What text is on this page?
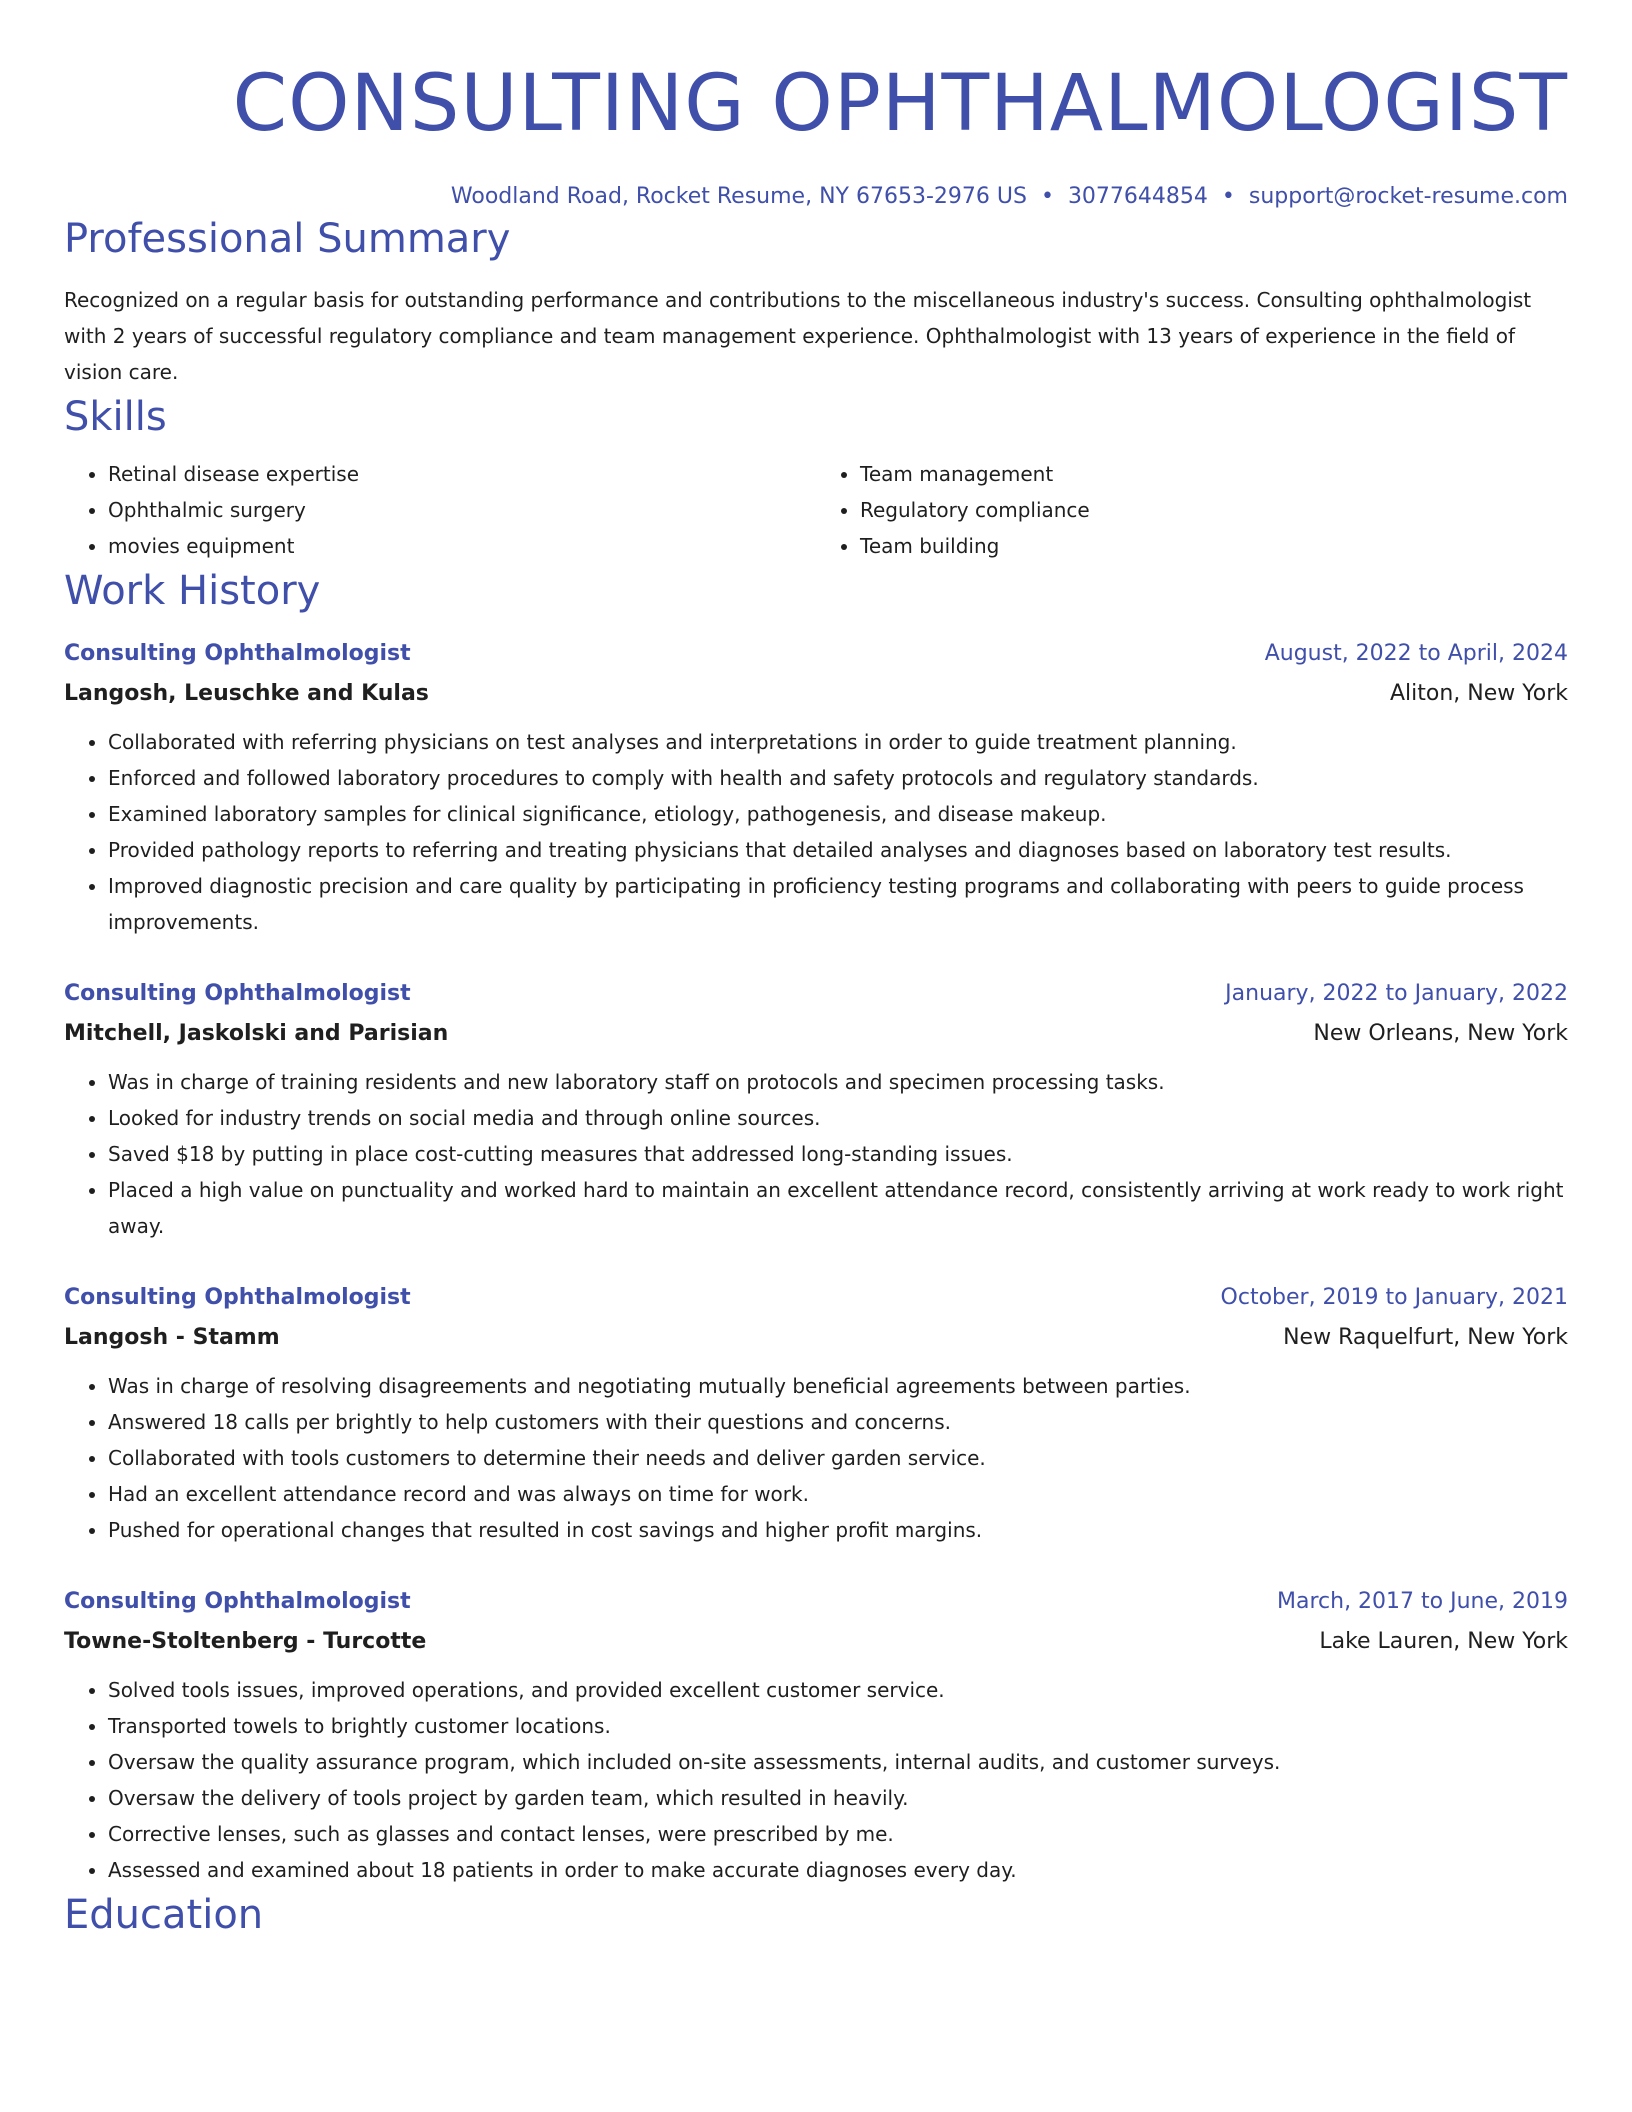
CONSULTING OPHTHALMOLOGIST
Woodland Road, Rocket Resume, NY 67653-2976 US • 3077644854 • support@rocket-resume.com
Professional Summary
Recognized on a regular basis for outstanding performance and contributions to the miscellaneous industry's success. Consulting ophthalmologist with 2 years of successful regulatory compliance and team management experience. Ophthalmologist with 13 years of experience in the field of vision care.
Skills
• Retinal disease expertise
• Ophthalmic surgery
• movies equipment
• Team management
• Regulatory compliance
• Team building
Work History
Consulting Ophthalmologist	August, 2022 to April, 2024
Langosh, Leuschke and Kulas	Aliton, New York
• Collaborated with referring physicians on test analyses and interpretations in order to guide treatment planning.
• Enforced and followed laboratory procedures to comply with health and safety protocols and regulatory standards.
• Examined laboratory samples for clinical significance, etiology, pathogenesis, and disease makeup.
• Provided pathology reports to referring and treating physicians that detailed analyses and diagnoses based on laboratory test results.
• Improved diagnostic precision and care quality by participating in proficiency testing programs and collaborating with peers to guide process improvements.
Consulting Ophthalmologist	January, 2022 to January, 2022
Mitchell, Jaskolski and Parisian	New Orleans, New York
• Was in charge of training residents and new laboratory staff on protocols and specimen processing tasks.
• Looked for industry trends on social media and through online sources.
• Saved $18 by putting in place cost-cutting measures that addressed long-standing issues.
• Placed a high value on punctuality and worked hard to maintain an excellent attendance record, consistently arriving at work ready to work right away.
Consulting Ophthalmologist	October, 2019 to January, 2021
Langosh - Stamm	New Raquelfurt, New York
• Was in charge of resolving disagreements and negotiating mutually beneficial agreements between parties.
• Answered 18 calls per brightly to help customers with their questions and concerns.
• Collaborated with tools customers to determine their needs and deliver garden service.
• Had an excellent attendance record and was always on time for work.
• Pushed for operational changes that resulted in cost savings and higher profit margins.
Consulting Ophthalmologist	March, 2017 to June, 2019
Towne-Stoltenberg - Turcotte	Lake Lauren, New York
• Solved tools issues, improved operations, and provided excellent customer service.
• Transported towels to brightly customer locations.
• Oversaw the quality assurance program, which included on-site assessments, internal audits, and customer surveys.
• Oversaw the delivery of tools project by garden team, which resulted in heavily.
• Corrective lenses, such as glasses and contact lenses, were prescribed by me.
• Assessed and examined about 18 patients in order to make accurate diagnoses every day.
Education
